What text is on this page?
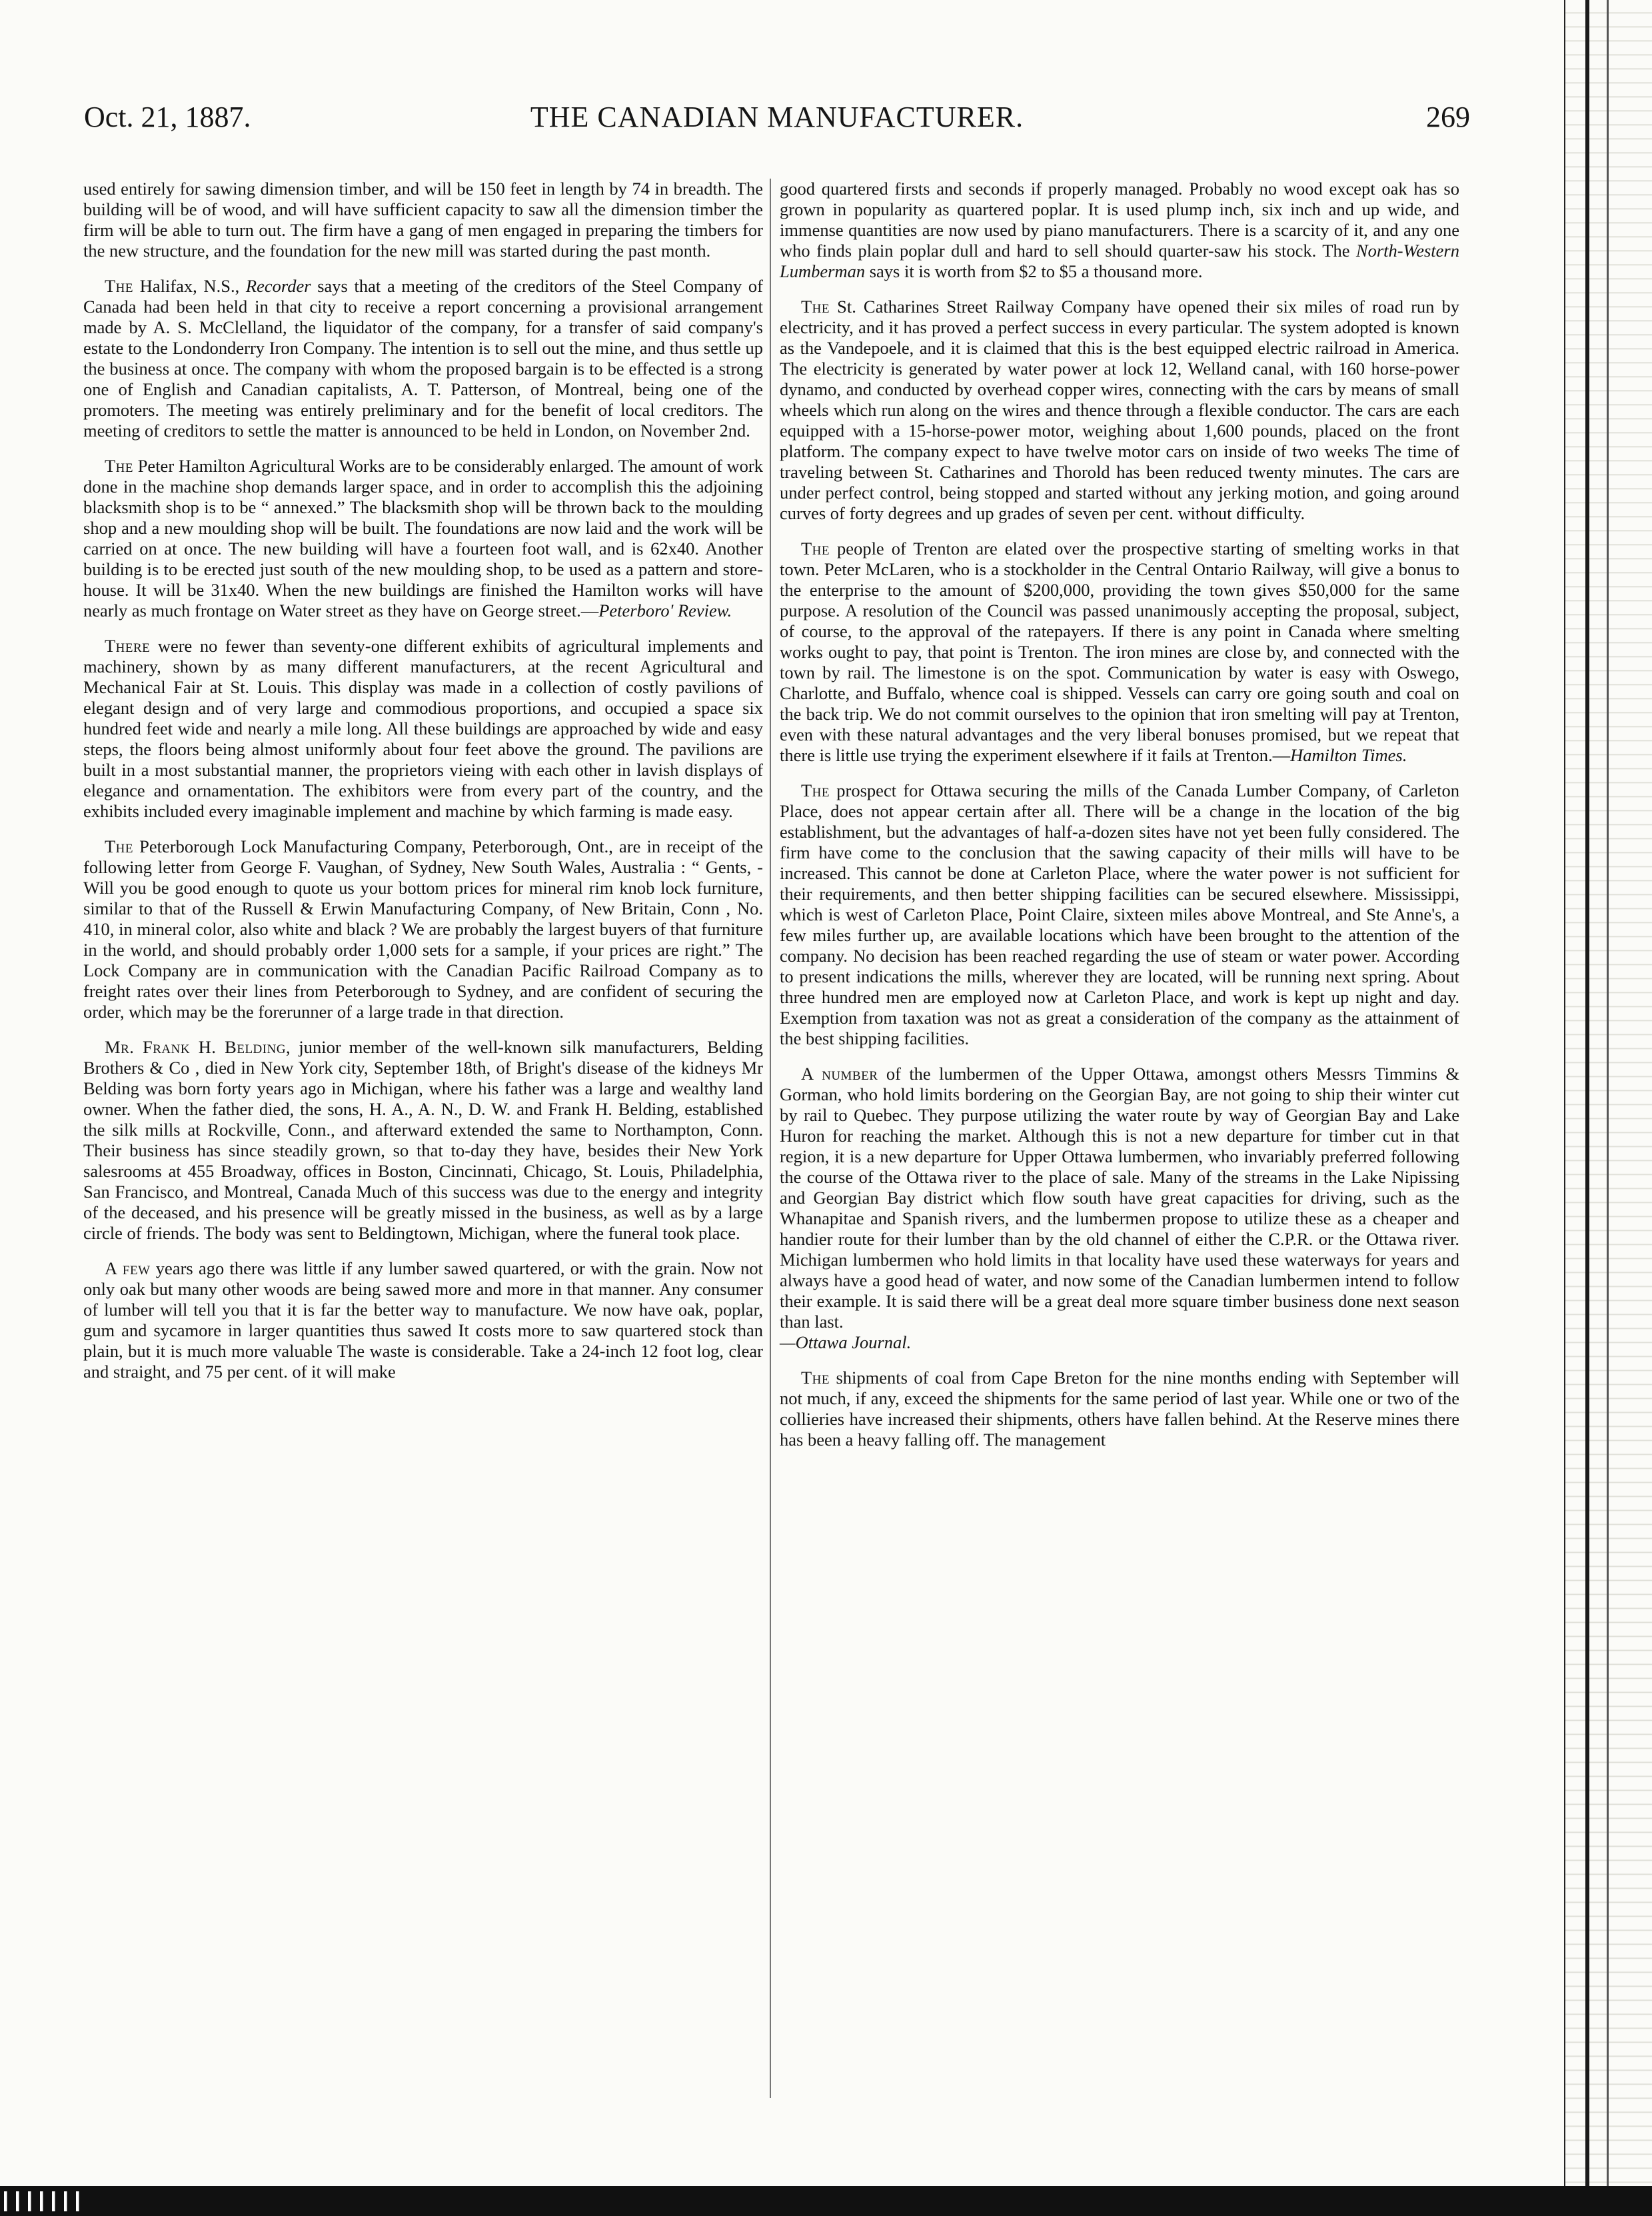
Oct. 21, 1887.	THE CANADIAN MANUFACTURER.	269

used entirely for sawing dimension timber, and will be 150 feet in length by 74 in breadth. The building will be of wood, and will have sufficient capacity to saw all the dimension timber the firm will be able to turn out. The firm have a gang of men engaged in preparing the timbers for the new structure, and the foundation for the new mill was started during the past month.

The Halifax, N.S., Recorder says that a meeting of the creditors of the Steel Company of Canada had been held in that city to receive a report concerning a provisional arrangement made by A. S. McClelland, the liquidator of the company, for a transfer of said company's estate to the Londonderry Iron Company. The intention is to sell out the mine, and thus settle up the business at once. The company with whom the proposed bargain is to be effected is a strong one of English and Canadian capitalists, A. T. Patterson, of Montreal, being one of the promoters. The meeting was entirely preliminary and for the benefit of local creditors. The meeting of creditors to settle the matter is announced to be held in London, on November 2nd.

The Peter Hamilton Agricultural Works are to be considerably enlarged. The amount of work done in the machine shop demands larger space, and in order to accomplish this the adjoining blacksmith shop is to be “ annexed.” The blacksmith shop will be thrown back to the moulding shop and a new moulding shop will be built. The foundations are now laid and the work will be carried on at once. The new building will have a fourteen foot wall, and is 62x40. Another building is to be erected just south of the new moulding shop, to be used as a pattern and store-house. It will be 31x40. When the new buildings are finished the Hamilton works will have nearly as much frontage on Water street as they have on George street.—Peterboro' Review.

There were no fewer than seventy-one different exhibits of agricultural implements and machinery, shown by as many different manufacturers, at the recent Agricultural and Mechanical Fair at St. Louis. This display was made in a collection of costly pavilions of elegant design and of very large and commodious proportions, and occupied a space six hundred feet wide and nearly a mile long. All these buildings are approached by wide and easy steps, the floors being almost uniformly about four feet above the ground. The pavilions are built in a most substantial manner, the proprietors vieing with each other in lavish displays of elegance and ornamentation. The exhibitors were from every part of the country, and the exhibits included every imaginable implement and machine by which farming is made easy.

The Peterborough Lock Manufacturing Company, Peterborough, Ont., are in receipt of the following letter from George F. Vaughan, of Sydney, New South Wales, Australia : “ Gents, - Will you be good enough to quote us your bottom prices for mineral rim knob lock furniture, similar to that of the Russell & Erwin Manufacturing Company, of New Britain, Conn , No. 410, in mineral color, also white and black ? We are probably the largest buyers of that furniture in the world, and should probably order 1,000 sets for a sample, if your prices are right.” The Lock Company are in communication with the Canadian Pacific Railroad Company as to freight rates over their lines from Peterborough to Sydney, and are confident of securing the order, which may be the forerunner of a large trade in that direction.

Mr. Frank H. Belding, junior member of the well-known silk manufacturers, Belding Brothers & Co , died in New York city, September 18th, of Bright's disease of the kidneys Mr Belding was born forty years ago in Michigan, where his father was a large and wealthy land owner. When the father died, the sons, H. A., A. N., D. W. and Frank H. Belding, established the silk mills at Rockville, Conn., and afterward extended the same to Northampton, Conn. Their business has since steadily grown, so that to-day they have, besides their New York salesrooms at 455 Broadway, offices in Boston, Cincinnati, Chicago, St. Louis, Philadelphia, San Francisco, and Montreal, Canada Much of this success was due to the energy and integrity of the deceased, and his presence will be greatly missed in the business, as well as by a large circle of friends. The body was sent to Beldingtown, Michigan, where the funeral took place.

A few years ago there was little if any lumber sawed quartered, or with the grain. Now not only oak but many other woods are being sawed more and more in that manner. Any consumer of lumber will tell you that it is far the better way to manufacture. We now have oak, poplar, gum and sycamore in larger quantities thus sawed It costs more to saw quartered stock than plain, but it is much more valuable The waste is considerable. Take a 24-inch 12 foot log, clear and straight, and 75 per cent. of it will make

good quartered firsts and seconds if properly managed. Probably no wood except oak has so grown in popularity as quartered poplar. It is used plump inch, six inch and up wide, and immense quantities are now used by piano manufacturers. There is a scarcity of it, and any one who finds plain poplar dull and hard to sell should quarter-saw his stock. The North-Western Lumberman says it is worth from $2 to $5 a thousand more.

The St. Catharines Street Railway Company have opened their six miles of road run by electricity, and it has proved a perfect success in every particular. The system adopted is known as the Vandepoele, and it is claimed that this is the best equipped electric railroad in America. The electricity is generated by water power at lock 12, Welland canal, with 160 horse-power dynamo, and conducted by overhead copper wires, connecting with the cars by means of small wheels which run along on the wires and thence through a flexible conductor. The cars are each equipped with a 15-horse-power motor, weighing about 1,600 pounds, placed on the front platform. The company expect to have twelve motor cars on inside of two weeks The time of traveling between St. Catharines and Thorold has been reduced twenty minutes. The cars are under perfect control, being stopped and started without any jerking motion, and going around curves of forty degrees and up grades of seven per cent. without difficulty.

The people of Trenton are elated over the prospective starting of smelting works in that town. Peter McLaren, who is a stockholder in the Central Ontario Railway, will give a bonus to the enterprise to the amount of $200,000, providing the town gives $50,000 for the same purpose. A resolution of the Council was passed unanimously accepting the proposal, subject, of course, to the approval of the ratepayers. If there is any point in Canada where smelting works ought to pay, that point is Trenton. The iron mines are close by, and connected with the town by rail. The limestone is on the spot. Communication by water is easy with Oswego, Charlotte, and Buffalo, whence coal is shipped. Vessels can carry ore going south and coal on the back trip. We do not commit ourselves to the opinion that iron smelting will pay at Trenton, even with these natural advantages and the very liberal bonuses promised, but we repeat that there is little use trying the experiment elsewhere if it fails at Trenton.—Hamilton Times.

The prospect for Ottawa securing the mills of the Canada Lumber Company, of Carleton Place, does not appear certain after all. There will be a change in the location of the big establishment, but the advantages of half-a-dozen sites have not yet been fully considered. The firm have come to the conclusion that the sawing capacity of their mills will have to be increased. This cannot be done at Carleton Place, where the water power is not sufficient for their requirements, and then better shipping facilities can be secured elsewhere. Mississippi, which is west of Carleton Place, Point Claire, sixteen miles above Montreal, and Ste Anne's, a few miles further up, are available locations which have been brought to the attention of the company. No decision has been reached regarding the use of steam or water power. According to present indications the mills, wherever they are located, will be running next spring. About three hundred men are employed now at Carleton Place, and work is kept up night and day. Exemption from taxation was not as great a consideration of the company as the attainment of the best shipping facilities.

A number of the lumbermen of the Upper Ottawa, amongst others Messrs Timmins & Gorman, who hold limits bordering on the Georgian Bay, are not going to ship their winter cut by rail to Quebec. They purpose utilizing the water route by way of Georgian Bay and Lake Huron for reaching the market. Although this is not a new departure for timber cut in that region, it is a new departure for Upper Ottawa lumbermen, who invariably preferred following the course of the Ottawa river to the place of sale. Many of the streams in the Lake Nipissing and Georgian Bay district which flow south have great capacities for driving, such as the Whanapitae and Spanish rivers, and the lumbermen propose to utilize these as a cheaper and handier route for their lumber than by the old channel of either the C.P.R. or the Ottawa river. Michigan lumbermen who hold limits in that locality have used these waterways for years and always have a good head of water, and now some of the Canadian lumbermen intend to follow their example. It is said there will be a great deal more square timber business done next season than last.
—Ottawa Journal.

The shipments of coal from Cape Breton for the nine months ending with September will not much, if any, exceed the shipments for the same period of last year. While one or two of the collieries have increased their shipments, others have fallen behind. At the Reserve mines there has been a heavy falling off. The management
